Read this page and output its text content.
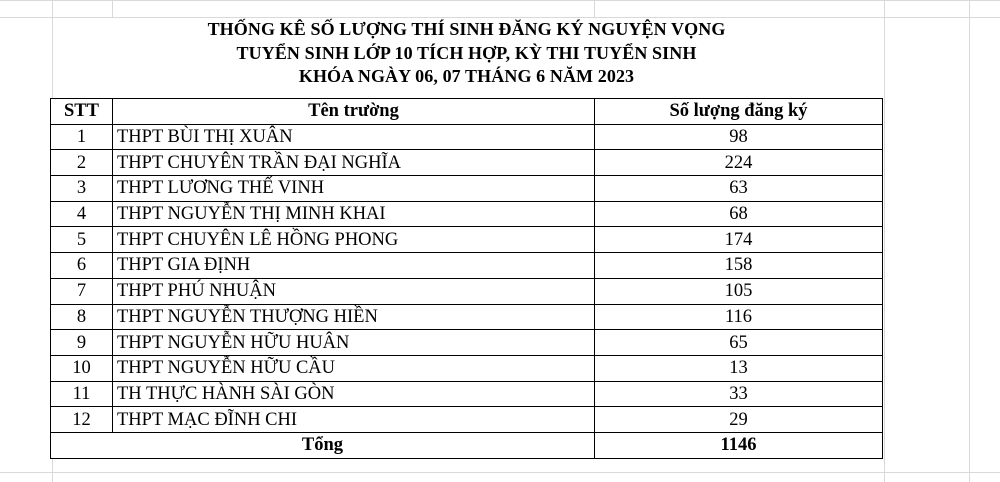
THỐNG KÊ SỐ LƯỢNG THÍ SINH ĐĂNG KÝ NGUYỆN VỌNG
TUYỂN SINH LỚP 10 TÍCH HỢP, KỲ THI TUYỂN SINH
KHÓA NGÀY 06, 07 THÁNG 6 NĂM 2023
STT	Tên trường	Số lượng đăng ký
1	THPT BÙI THỊ XUÂN	98
2	THPT CHUYÊN TRẦN ĐẠI NGHĨA	224
3	THPT LƯƠNG THẾ VINH	63
4	THPT NGUYỄN THỊ MINH KHAI	68
5	THPT CHUYÊN LÊ HỒNG PHONG	174
6	THPT GIA ĐỊNH	158
7	THPT PHÚ NHUẬN	105
8	THPT NGUYỄN THƯỢNG HIỀN	116
9	THPT NGUYỄN HỮU HUÂN	65
10	THPT NGUYỄN HỮU CẦU	13
11	TH THỰC HÀNH SÀI GÒN	33
12	THPT MẠC ĐĨNH CHI	29
Tổng		1146
